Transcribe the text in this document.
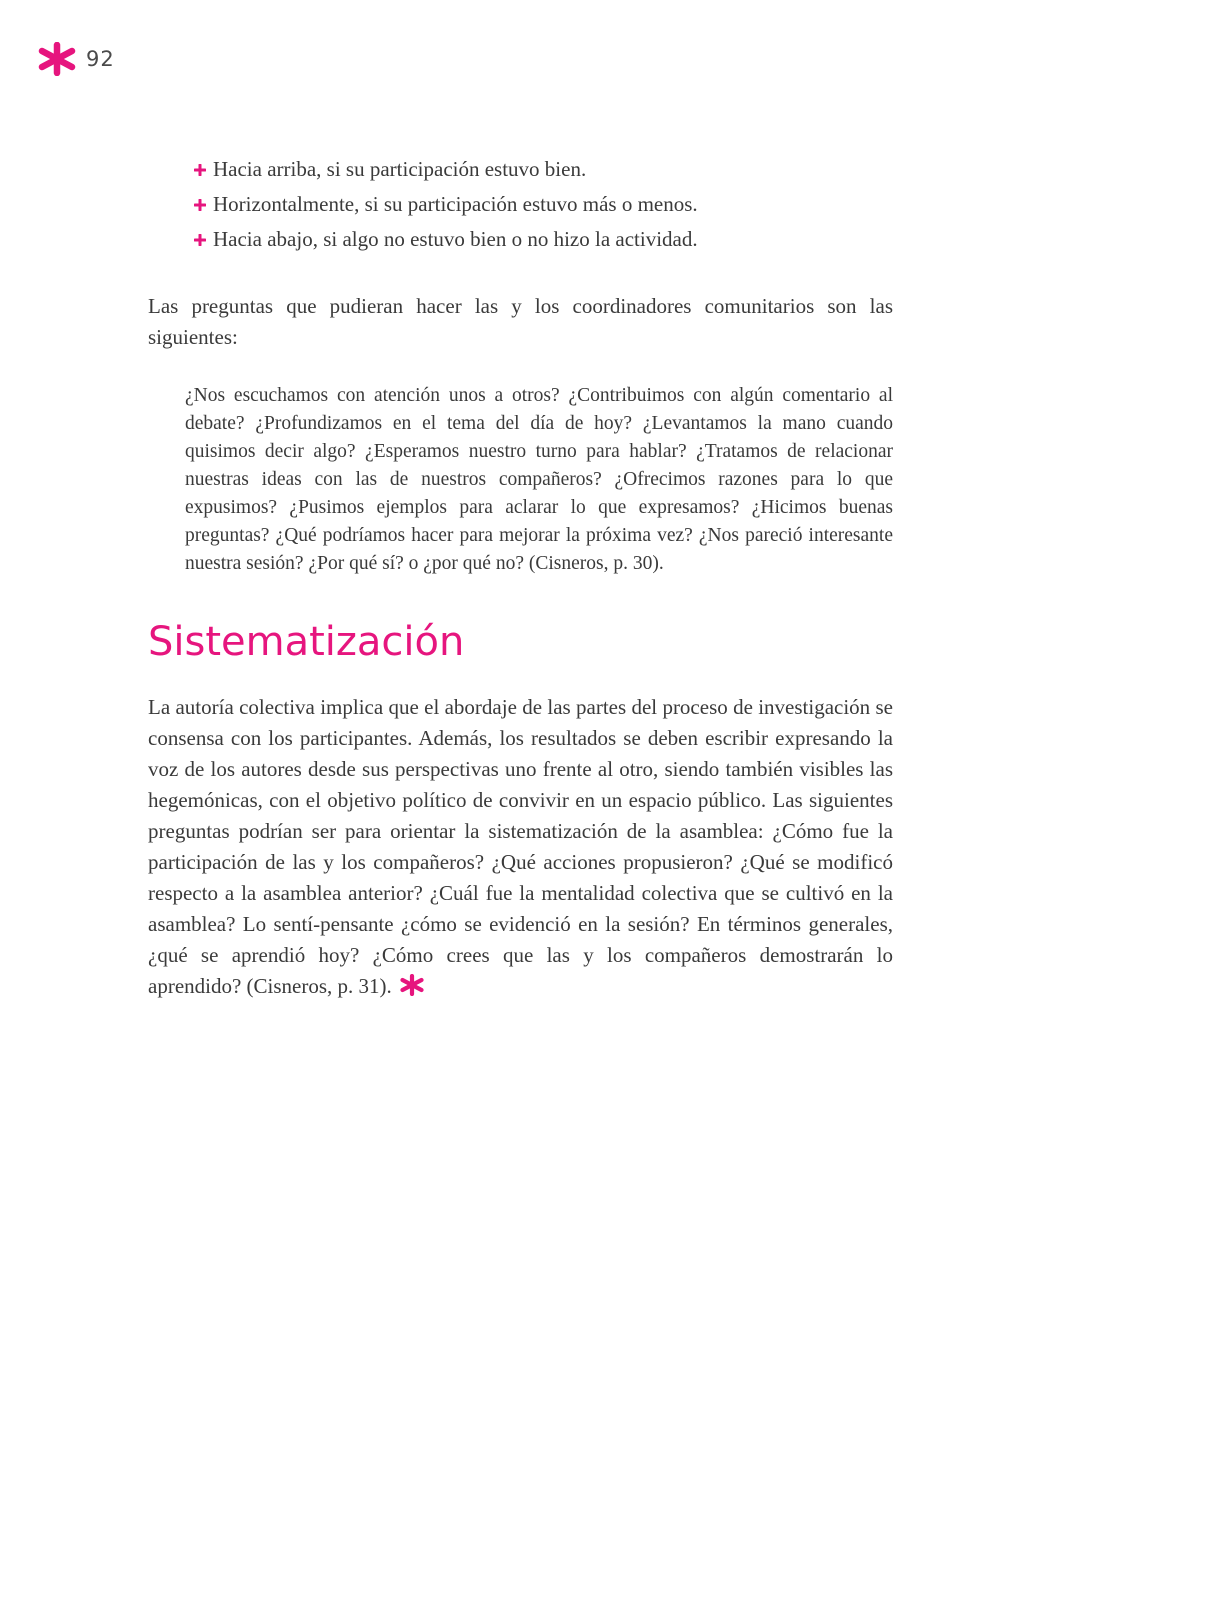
92
Hacia arriba, si su participación estuvo bien.
Horizontalmente, si su participación estuvo más o menos.
Hacia abajo, si algo no estuvo bien o no hizo la actividad.

Las preguntas que pudieran hacer las y los coordinadores comunitarios son las siguientes:

¿Nos escuchamos con atención unos a otros? ¿Contribuimos con algún comentario al debate? ¿Profundizamos en el tema del día de hoy? ¿Levantamos la mano cuando quisimos decir algo? ¿Esperamos nuestro turno para hablar? ¿Tratamos de relacionar nuestras ideas con las de nuestros compañeros? ¿Ofrecimos razones para lo que expusimos? ¿Pusimos ejemplos para aclarar lo que expresamos? ¿Hicimos buenas preguntas? ¿Qué podríamos hacer para mejorar la próxima vez? ¿Nos pareció interesante nuestra sesión? ¿Por qué sí? o ¿por qué no? (Cisneros, p. 30).

Sistematización

La autoría colectiva implica que el abordaje de las partes del proceso de investigación se consensa con los participantes. Además, los resultados se deben escribir expresando la voz de los autores desde sus perspectivas uno frente al otro, siendo también visibles las hegemónicas, con el objetivo político de convivir en un espacio público. Las siguientes preguntas podrían ser para orientar la sistematización de la asamblea: ¿Cómo fue la participación de las y los compañeros? ¿Qué acciones propusieron? ¿Qué se modificó respecto a la asamblea anterior? ¿Cuál fue la mentalidad colectiva que se cultivó en la asamblea? Lo sentí-pensante ¿cómo se evidenció en la sesión? En términos generales, ¿qué se aprendió hoy? ¿Cómo crees que las y los compañeros demostrarán lo aprendido? (Cisneros, p. 31).
